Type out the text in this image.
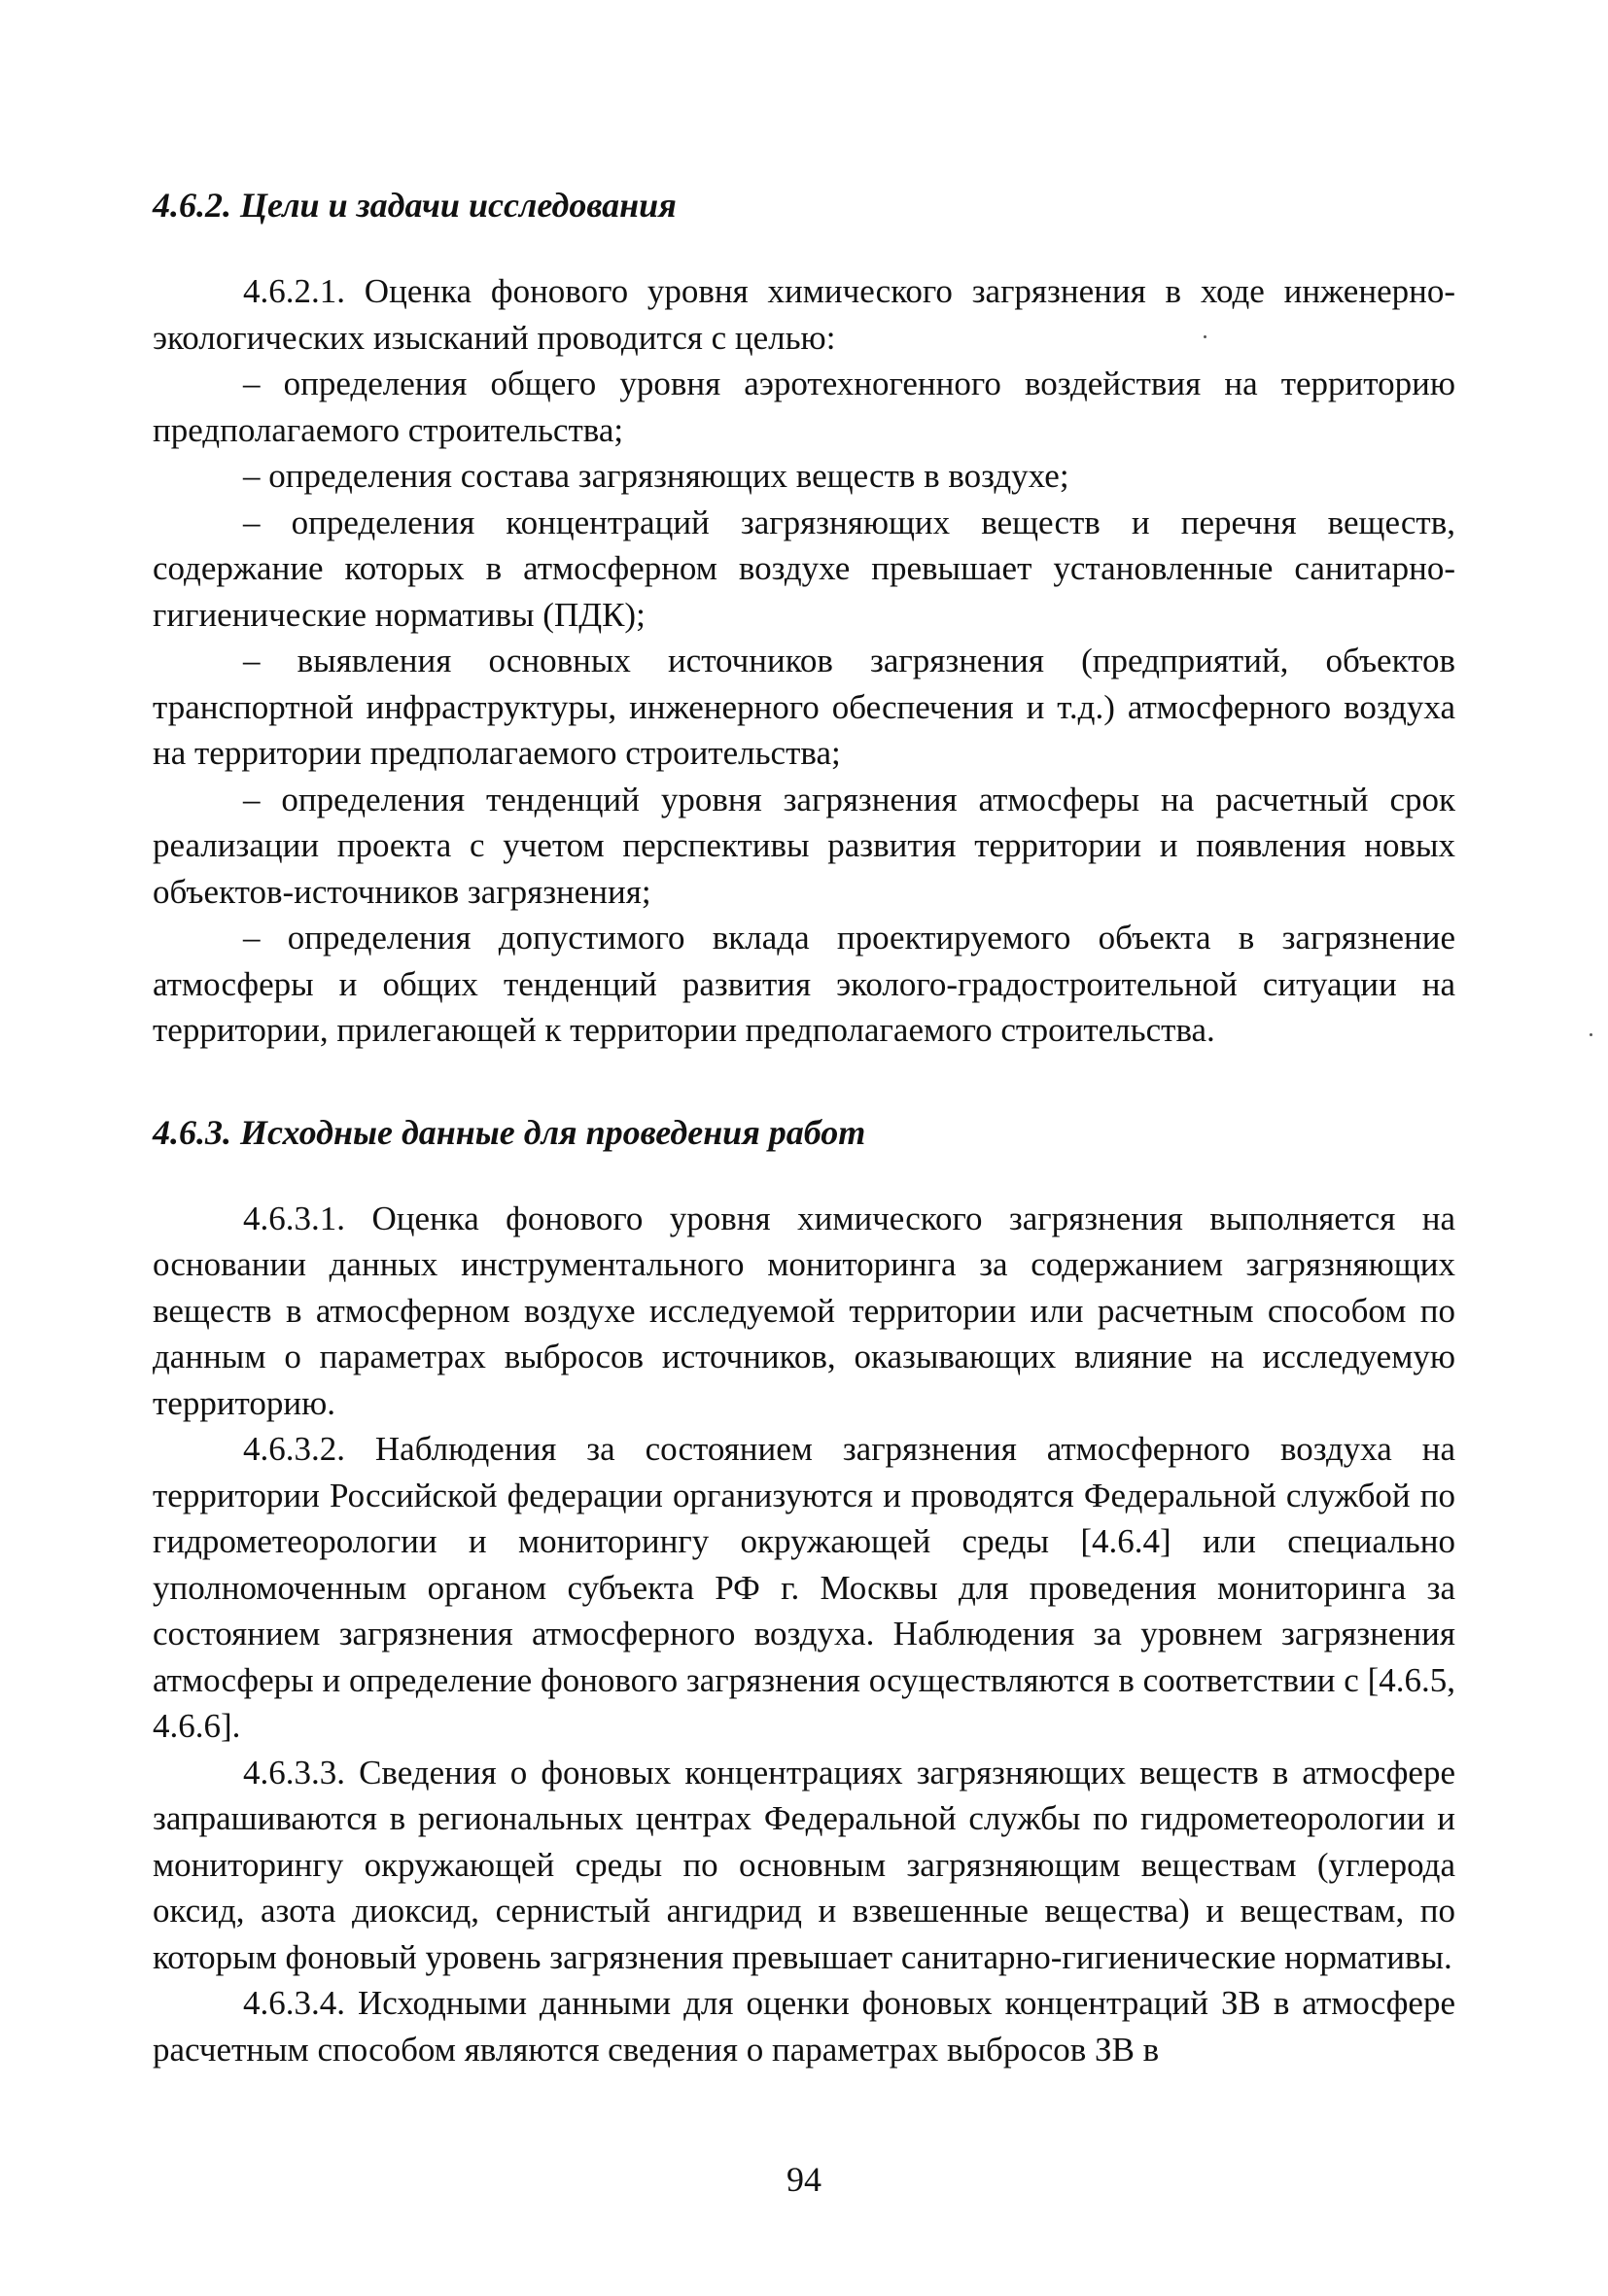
4.6.2. Цели и задачи исследования

4.6.2.1. Оценка фонового уровня химического загрязнения в ходе инженерно-экологических изысканий проводится с целью:

– определения общего уровня аэротехногенного воздействия на территорию предполагаемого строительства;

– определения состава загрязняющих веществ в воздухе;

– определения концентраций загрязняющих веществ и перечня веществ, содержание которых в атмосферном воздухе превышает установленные санитарно-гигиенические нормативы (ПДК);

– выявления основных источников загрязнения (предприятий, объектов транспортной инфраструктуры, инженерного обеспечения и т.д.) атмосферного воздуха на территории предполагаемого строительства;

– определения тенденций уровня загрязнения атмосферы на расчетный срок реализации проекта с учетом перспективы развития территории и появления новых объектов-источников загрязнения;

– определения допустимого вклада проектируемого объекта в загрязнение атмосферы и общих тенденций развития эколого-градостроительной ситуации на территории, прилегающей к территории предполагаемого строительства.

4.6.3. Исходные данные для проведения работ

4.6.3.1. Оценка фонового уровня химического загрязнения выполняется на основании данных инструментального мониторинга за содержанием загрязняющих веществ в атмосферном воздухе исследуемой территории или расчетным способом по данным о параметрах выбросов источников, оказывающих влияние на исследуемую территорию.

4.6.3.2. Наблюдения за состоянием загрязнения атмосферного воздуха на территории Российской федерации организуются и проводятся Федеральной службой по гидрометеорологии и мониторингу окружающей среды [4.6.4] или специально уполномоченным органом субъекта РФ г. Москвы для проведения мониторинга за состоянием загрязнения атмосферного воздуха. Наблюдения за уровнем загрязнения атмосферы и определение фонового загрязнения осуществляются в соответствии с [4.6.5, 4.6.6].

4.6.3.3. Сведения о фоновых концентрациях загрязняющих веществ в атмосфере запрашиваются в региональных центрах Федеральной службы по гидрометеорологии и мониторингу окружающей среды по основным загрязняющим веществам (углерода оксид, азота диоксид, сернистый ангидрид и взвешенные вещества) и веществам, по которым фоновый уровень загрязнения превышает санитарно-гигиенические нормативы.

4.6.3.4. Исходными данными для оценки фоновых концентраций ЗВ в атмосфере расчетным способом являются сведения о параметрах выбросов ЗВ в

94
